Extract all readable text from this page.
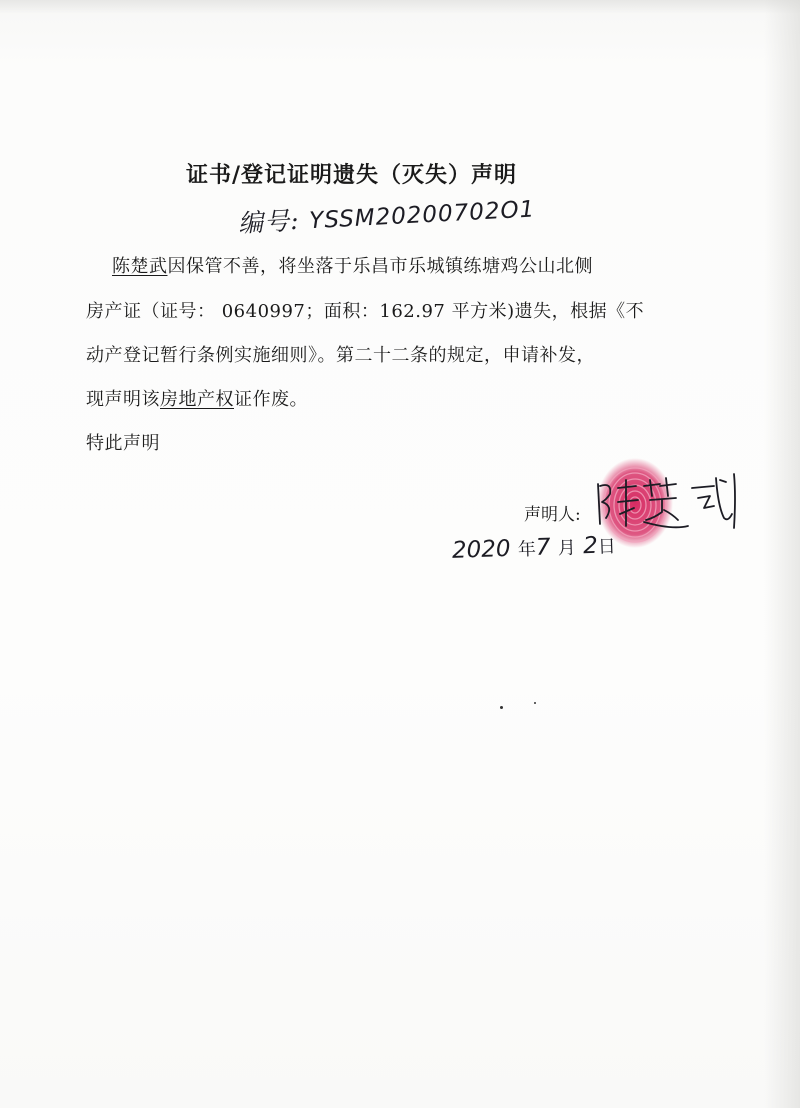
证书/登记证明遗失（灭失）声明
编号: YSSM20200702O1
陈楚武因保管不善，将坐落于乐昌市乐城镇练塘鸡公山北侧
房产证（证号： 0640997；面积：162.97 平方米)遗失，根据《不
动产登记暂行条例实施细则》。第二十二条的规定，申请补发，
现声明该房地产权证作废。
特此声明
声明人:
2020 年7 月 2日
